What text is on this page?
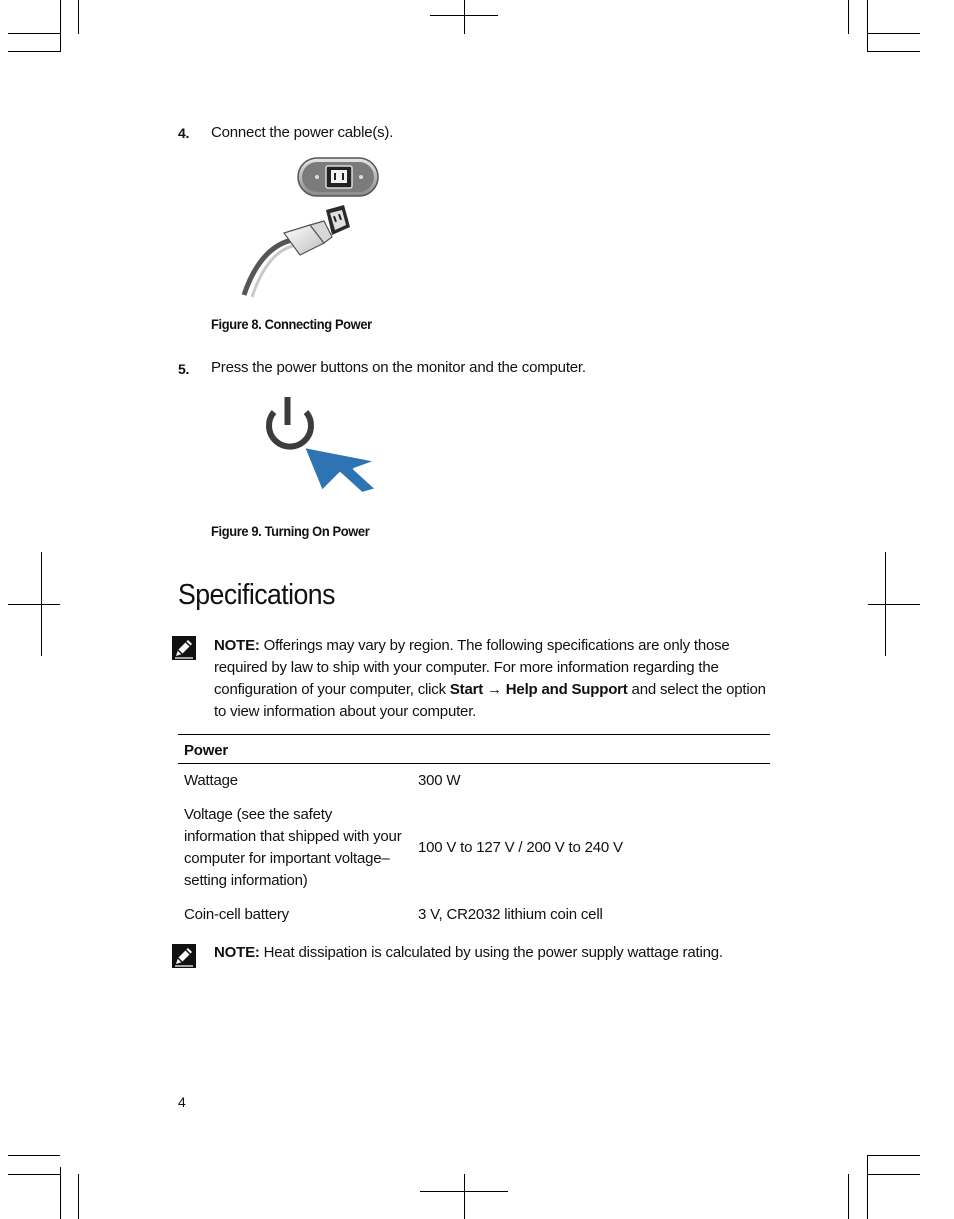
4. Connect the power cable(s).
Figure 8. Connecting Power
5. Press the power buttons on the monitor and the computer.
Figure 9. Turning On Power
Specifications
NOTE: Offerings may vary by region. The following specifications are only those required by law to ship with your computer. For more information regarding the configuration of your computer, click Start → Help and Support and select the option to view information about your computer.
Power	
Wattage	300 W
Voltage (see the safety information that shipped with your computer for important voltage–setting information)	100 V to 127 V / 200 V to 240 V
Coin-cell battery	3 V, CR2032 lithium coin cell
NOTE: Heat dissipation is calculated by using the power supply wattage rating.
4
